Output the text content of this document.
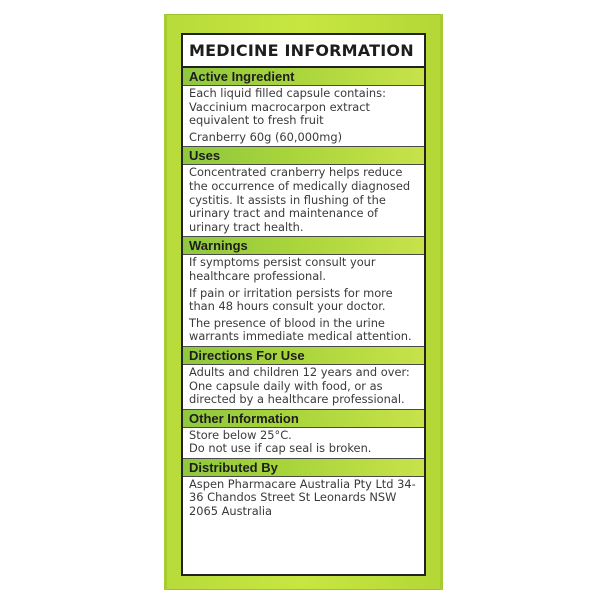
MEDICINE INFORMATION
Active Ingredient

Each liquid filled capsule contains: Vaccinium macrocarpon extract equivalent to fresh fruit

Cranberry 60g (60,000mg)

Uses

Concentrated cranberry helps reduce the occurrence of medically diagnosed cystitis. It assists in flushing of the urinary tract and maintenance of urinary tract health.

Warnings

If symptoms persist consult your healthcare professional.

If pain or irritation persists for more than 48 hours consult your doctor.

The presence of blood in the urine warrants immediate medical attention.

Directions For Use

Adults and children 12 years and over: One capsule daily with food, or as directed by a healthcare professional.

Other Information

Store below 25°C.

Do not use if cap seal is broken.

Distributed By

Aspen Pharmacare Australia Pty Ltd 34-36 Chandos Street St Leonards NSW 2065 Australia
